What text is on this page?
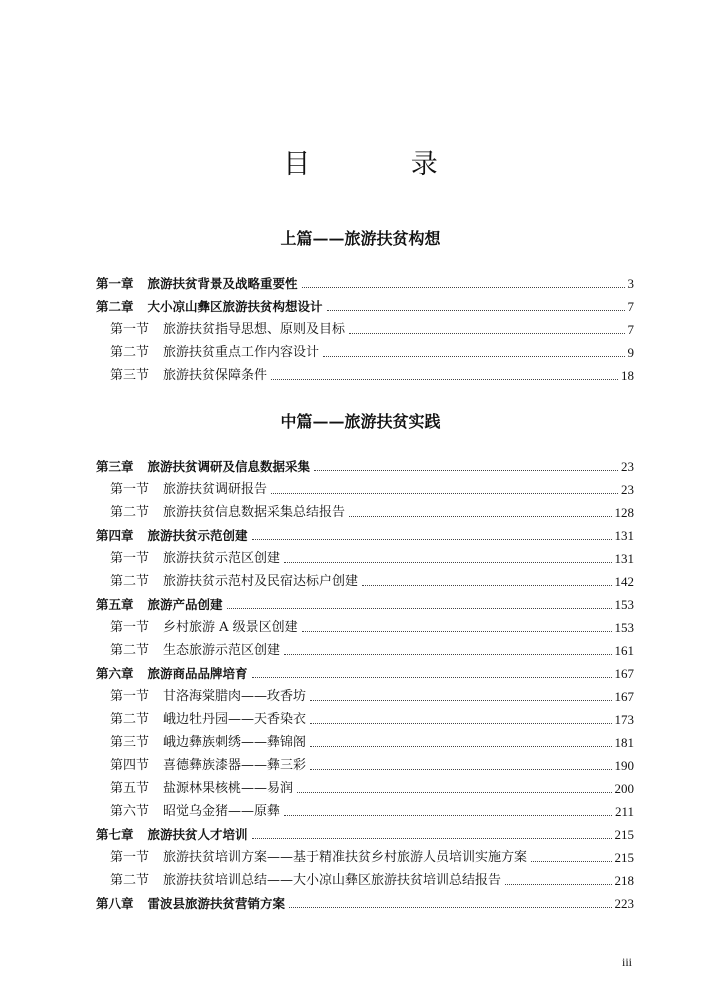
目 录
上篇——旅游扶贫构想
第一章 旅游扶贫背景及战略重要性	3
第二章 大小凉山彝区旅游扶贫构想设计	7
第一节 旅游扶贫指导思想、原则及目标	7
第二节 旅游扶贫重点工作内容设计	9
第三节 旅游扶贫保障条件	18
中篇——旅游扶贫实践
第三章 旅游扶贫调研及信息数据采集	23
第一节 旅游扶贫调研报告	23
第二节 旅游扶贫信息数据采集总结报告	128
第四章 旅游扶贫示范创建	131
第一节 旅游扶贫示范区创建	131
第二节 旅游扶贫示范村及民宿达标户创建	142
第五章 旅游产品创建	153
第一节 乡村旅游 A 级景区创建	153
第二节 生态旅游示范区创建	161
第六章 旅游商品品牌培育	167
第一节 甘洛海棠腊肉——玫香坊	167
第二节 峨边牡丹园——天香染衣	173
第三节 峨边彝族刺绣——彝锦阁	181
第四节 喜德彝族漆器——彝三彩	190
第五节 盐源林果核桃——易润	200
第六节 昭觉乌金猪——原彝	211
第七章 旅游扶贫人才培训	215
第一节 旅游扶贫培训方案——基于精准扶贫乡村旅游人员培训实施方案	215
第二节 旅游扶贫培训总结——大小凉山彝区旅游扶贫培训总结报告	218
第八章 雷波县旅游扶贫营销方案	223
iii
